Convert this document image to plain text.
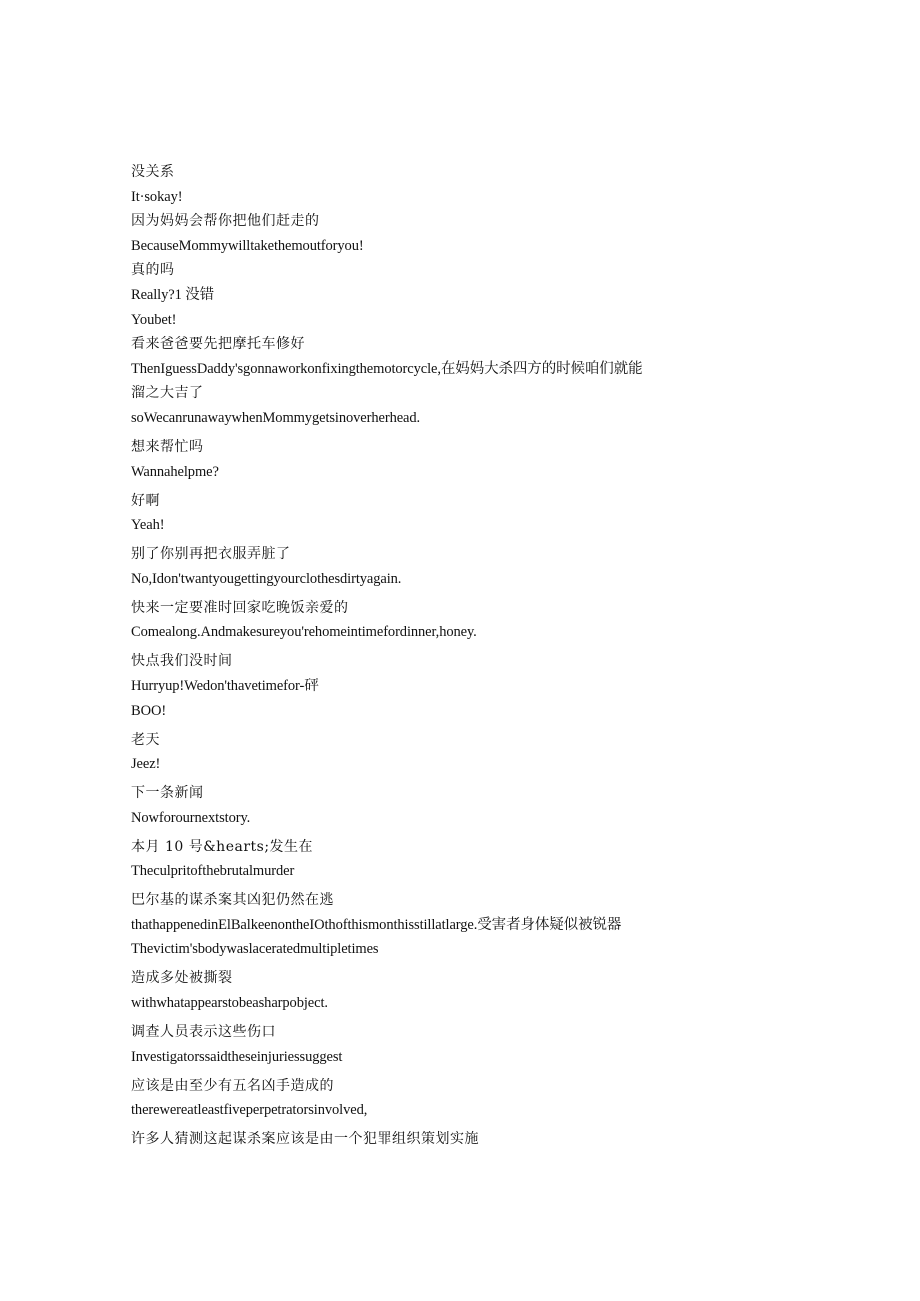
没关系
It·sokay!
因为妈妈会帮你把他们赶走的
BecauseMommywilltakethemoutforyou!
真的吗
Really?1 没错
Youbet!
看来爸爸要先把摩托车修好
ThenIguessDaddy'sgonnaworkonfixingthemotorcycle,在妈妈大杀四方的时候咱们就能
溜之大吉了
soWecanrunawaywhenMommygetsinoverherhead.
想来帮忙吗
Wannahelpme?
好啊
Yeah!
别了你别再把衣服弄脏了
No,Idon'twantyougettingyourclothesdirtyagain.
快来一定要准时回家吃晚饭亲爱的
Comealong.Andmakesureyou'rehomeintimefordinner,honey.
快点我们没时间
Hurryup!Wedon'thavetimefor-砰
BOO!
老天
Jeez!
下一条新闻
Nowforournextstory.
本月 10 号&hearts;发生在
Theculpritofthebrutalmurder
巴尔基的谋杀案其凶犯仍然在逃
thathappenedinElBalkeenontheIOthofthismonthisstillatlarge.受害者身体疑似被锐器
Thevictim'sbodywaslaceratedmultipletimes
造成多处被撕裂
withwhatappearstobeasharpobject.
调查人员表示这些伤口
Investigatorssaidtheseinjuriessuggest
应该是由至少有五名凶手造成的
therewereatleastfiveperpetratorsinvolved,
许多人猜测这起谋杀案应该是由一个犯罪组织策划实施
